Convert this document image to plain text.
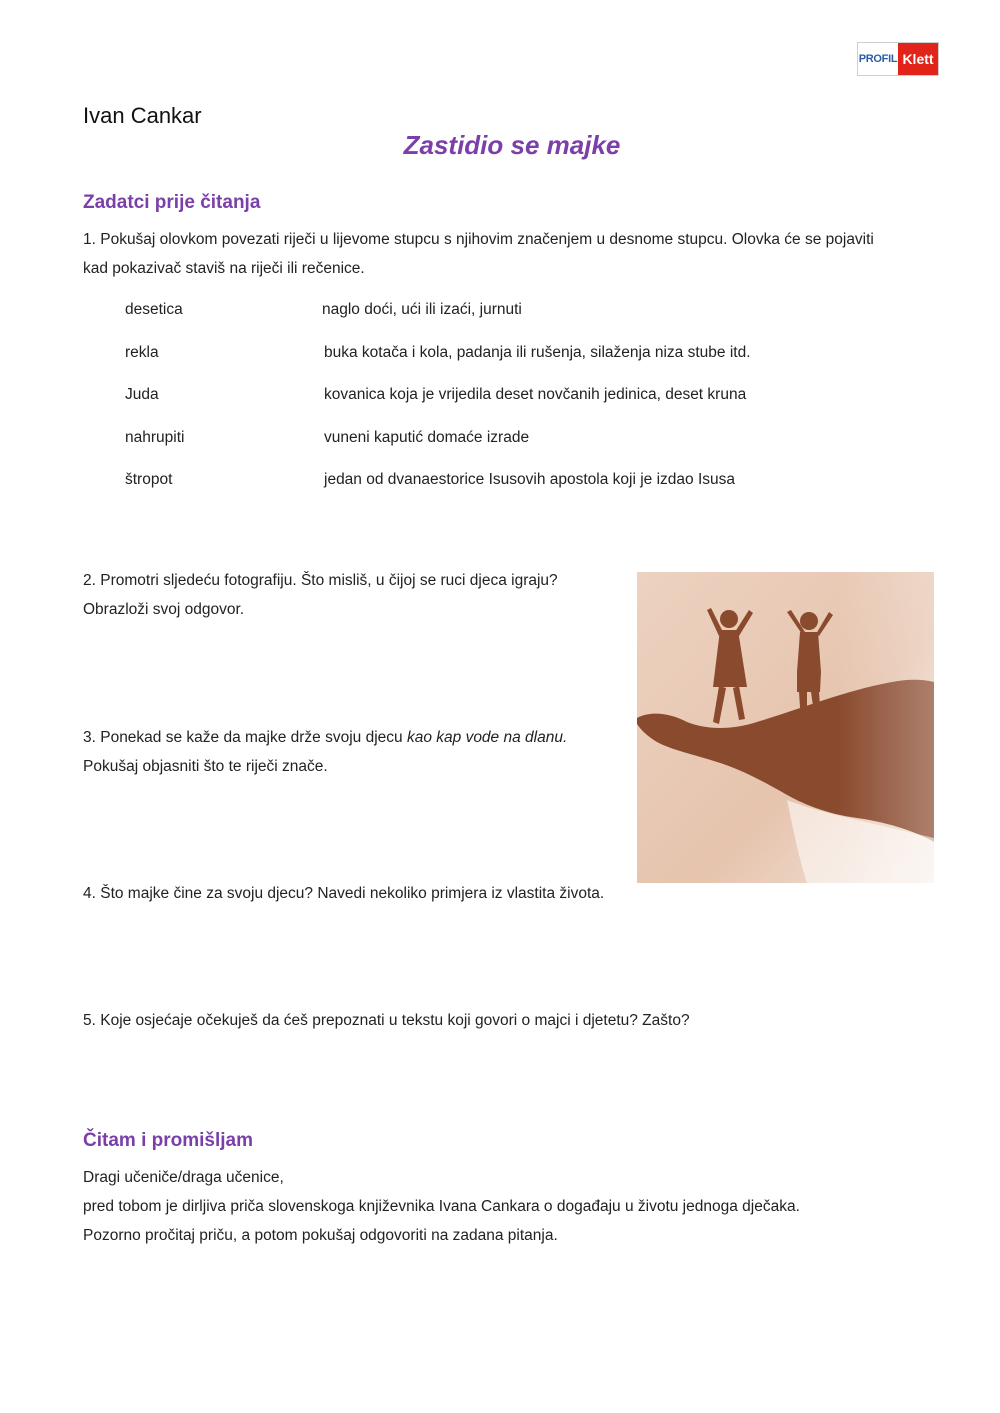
PROFIL Klett
Ivan Cankar
Zastidio se majke
Zadatci prije čitanja
1. Pokušaj olovkom povezati riječi u lijevome stupcu s njihovim značenjem u desnome stupcu. Olovka će se pojaviti
kad pokazivač staviš na riječi ili rečenice.
desetica	naglo doći, ući ili izaći, jurnuti
rekla	buka kotača i kola, padanja ili rušenja, silaženja niza stube itd.
Juda	kovanica koja je vrijedila deset novčanih jedinica, deset kruna
nahrupiti	vuneni kaputić domaće izrade
štropot	jedan od dvanaestorice Isusovih apostola koji je izdao Isusa
2. Promotri sljedeću fotografiju. Što misliš, u čijoj se ruci djeca igraju?
Obrazloži svoj odgovor.
3. Ponekad se kaže da majke drže svoju djecu kao kap vode na dlanu.
Pokušaj objasniti što te riječi znače.
4. Što majke čine za svoju djecu? Navedi nekoliko primjera iz vlastita života.
5. Koje osjećaje očekuješ da ćeš prepoznati u tekstu koji govori o majci i djetetu? Zašto?
Čitam i promišljam
Dragi učeniče/draga učenice,
pred tobom je dirljiva priča slovenskoga književnika Ivana Cankara o događaju u životu jednoga dječaka.
Pozorno pročitaj priču, a potom pokušaj odgovoriti na zadana pitanja.
